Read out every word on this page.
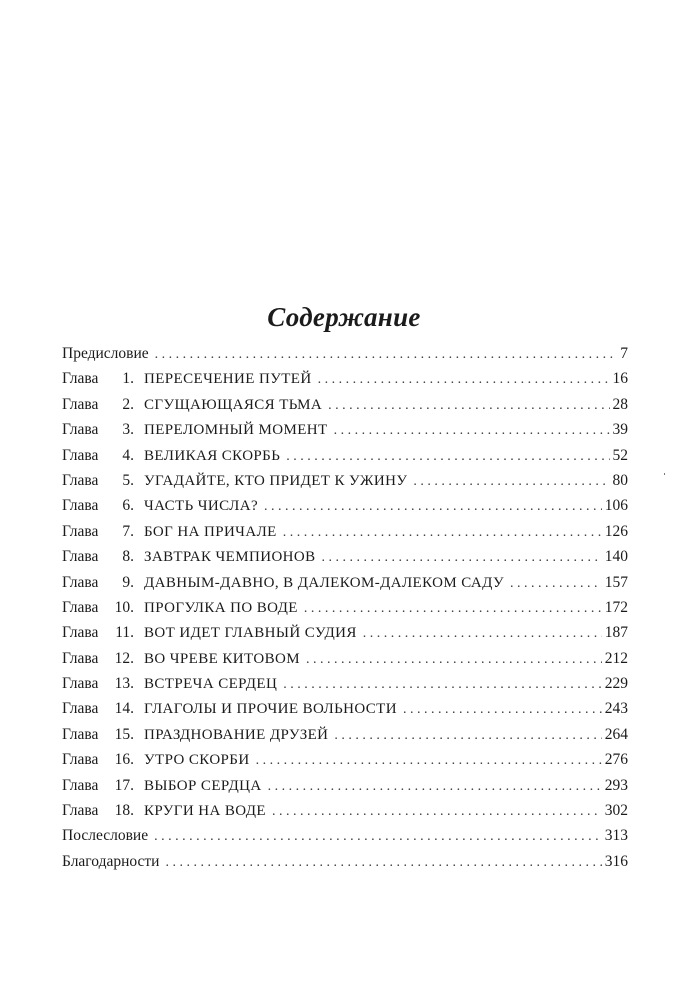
Содержание
Предисловие . . .	7
Глава	1. ПЕРЕСЕЧЕНИЕ ПУТЕЙ . . .	16
Глава	2. СГУЩАЮЩАЯСЯ ТЬМА . . .	28
Глава	3. ПЕРЕЛОМНЫЙ МОМЕНТ . . .	39
Глава	4. ВЕЛИКАЯ СКОРБЬ . . .	52
Глава	5. УГАДАЙТЕ, КТО ПРИДЕТ К УЖИНУ . . .	80
Глава	6. ЧАСТЬ ЧИСЛА? . . .	106
Глава	7. БОГ НА ПРИЧАЛЕ . . .	126
Глава	8. ЗАВТРАК ЧЕМПИОНОВ . . .	140
Глава	9. ДАВНЫМ-ДАВНО, В ДАЛЕКОМ-ДАЛЕКОМ САДУ . . .	157
Глава	10. ПРОГУЛКА ПО ВОДЕ . . .	172
Глава	11. ВОТ ИДЕТ ГЛАВНЫЙ СУДИЯ . . .	187
Глава	12. ВО ЧРЕВЕ КИТОВОМ . . .	212
Глава	13. ВСТРЕЧА СЕРДЕЦ . . .	229
Глава	14. ГЛАГОЛЫ И ПРОЧИЕ ВОЛЬНОСТИ . . .	243
Глава	15. ПРАЗДНОВАНИЕ ДРУЗЕЙ . . .	264
Глава	16. УТРО СКОРБИ . . .	276
Глава	17. ВЫБОР СЕРДЦА . . .	293
Глава	18. КРУГИ НА ВОДЕ . . .	302
Послесловие . . .	313
Благодарности . . .	316
